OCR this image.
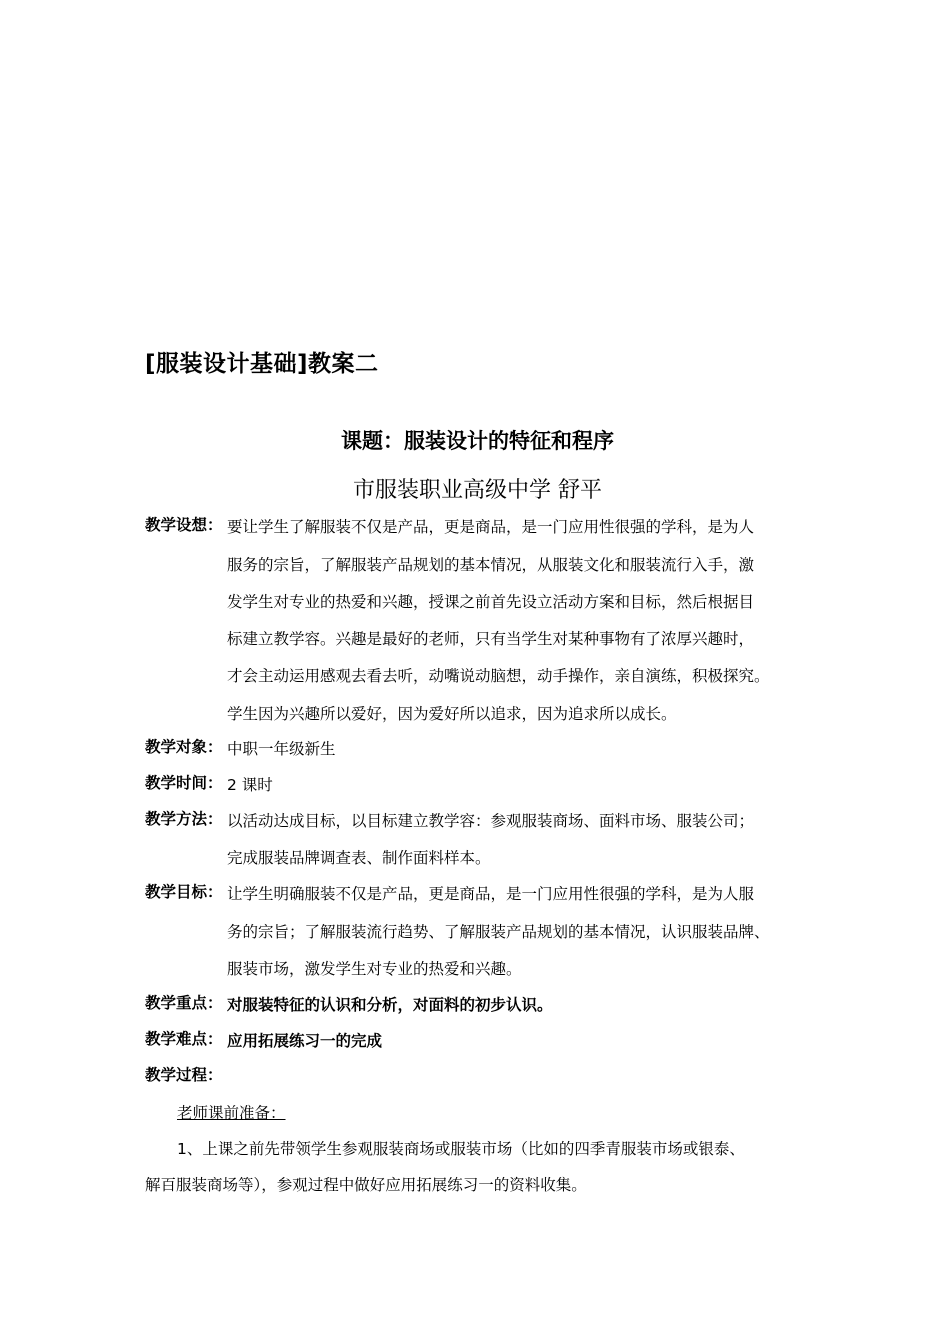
[服装设计基础]教案二
课题：服装设计的特征和程序
市服装职业高级中学 舒平
教学设想： 要让学生了解服装不仅是产品，更是商品，是一门应用性很强的学科，是为人
服务的宗旨，了解服装产品规划的基本情况，从服装文化和服装流行入手，激
发学生对专业的热爱和兴趣，授课之前首先设立活动方案和目标，然后根据目
标建立教学容。兴趣是最好的老师，只有当学生对某种事物有了浓厚兴趣时，
才会主动运用感观去看去听，动嘴说动脑想，动手操作，亲自演练，积极探究。
学生因为兴趣所以爱好，因为爱好所以追求，因为追求所以成长。
教学对象： 中职一年级新生
教学时间： 2 课时
教学方法： 以活动达成目标，以目标建立教学容：参观服装商场、面料市场、服装公司；
完成服装品牌调查表、制作面料样本。
教学目标： 让学生明确服装不仅是产品，更是商品，是一门应用性很强的学科，是为人服
务的宗旨；了解服装流行趋势、了解服装产品规划的基本情况，认识服装品牌、
服装市场，激发学生对专业的热爱和兴趣。
教学重点： 对服装特征的认识和分析，对面料的初步认识。
教学难点： 应用拓展练习一的完成
教学过程：
老师课前准备：
1、上课之前先带领学生参观服装商场或服装市场（比如的四季青服装市场或银泰、
解百服装商场等），参观过程中做好应用拓展练习一的资料收集。
